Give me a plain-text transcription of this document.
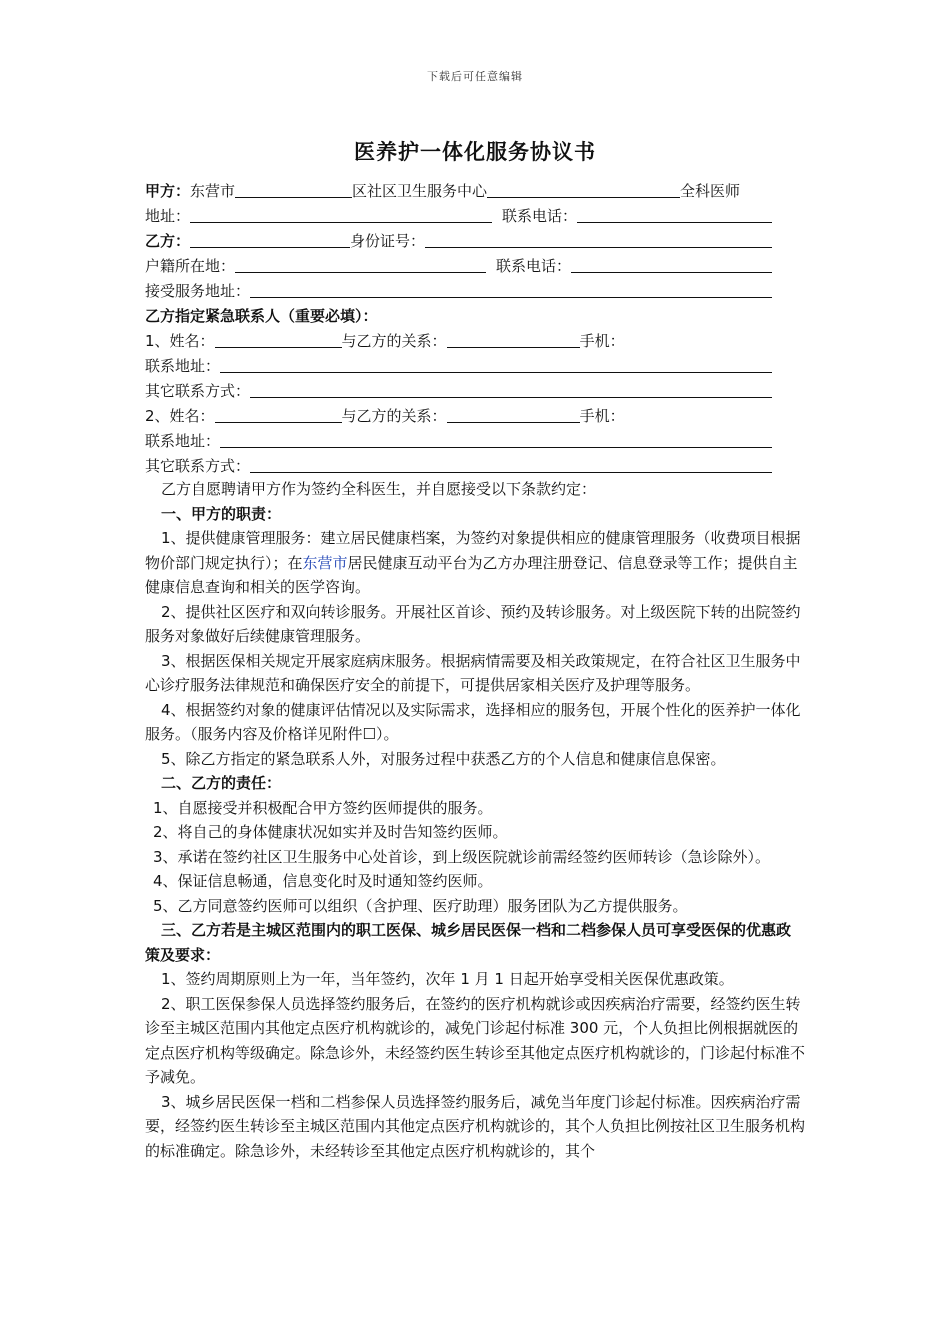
下载后可任意编辑
医养护一体化服务协议书
甲方： 东营市	区社区卫生服务中心	全科医师
地址：	联系电话：
乙方：	身份证号：
户籍所在地：	联系电话：
接受服务地址：
乙方指定紧急联系人（重要必填）：
1、姓名：	与乙方的关系：	手机：
联系地址：
其它联系方式：
2、姓名：	与乙方的关系：	手机：
联系地址：
其它联系方式：

乙方自愿聘请甲方作为签约全科医生，并自愿接受以下条款约定：

一、甲方的职责：

1、提供健康管理服务：建立居民健康档案，为签约对象提供相应的健康管理服务（收费项目根据物价部门规定执行）；在东营市居民健康互动平台为乙方办理注册登记、信息登录等工作；提供自主健康信息查询和相关的医学咨询。

2、提供社区医疗和双向转诊服务。开展社区首诊、预约及转诊服务。对上级医院下转的出院签约服务对象做好后续健康管理服务。

3、根据医保相关规定开展家庭病床服务。根据病情需要及相关政策规定，在符合社区卫生服务中心诊疗服务法律规范和确保医疗安全的前提下，可提供居家相关医疗及护理等服务。

4、根据签约对象的健康评估情况以及实际需求，选择相应的服务包，开展个性化的医养护一体化服务。（服务内容及价格详见附件☐）。

5、除乙方指定的紧急联系人外，对服务过程中获悉乙方的个人信息和健康信息保密。

二、乙方的责任：

1、自愿接受并积极配合甲方签约医师提供的服务。

2、将自己的身体健康状况如实并及时告知签约医师。

3、承诺在签约社区卫生服务中心处首诊，到上级医院就诊前需经签约医师转诊（急诊除外）。

4、保证信息畅通，信息变化时及时通知签约医师。

5、乙方同意签约医师可以组织（含护理、医疗助理）服务团队为乙方提供服务。

三、乙方若是主城区范围内的职工医保、城乡居民医保一档和二档参保人员可享受医保的优惠政策及要求：

1、签约周期原则上为一年，当年签约，次年 1 月 1 日起开始享受相关医保优惠政策。

2、职工医保参保人员选择签约服务后，在签约的医疗机构就诊或因疾病治疗需要，经签约医生转诊至主城区范围内其他定点医疗机构就诊的，减免门诊起付标准 300 元，个人负担比例根据就医的定点医疗机构等级确定。除急诊外，未经签约医生转诊至其他定点医疗机构就诊的，门诊起付标准不予减免。

3、城乡居民医保一档和二档参保人员选择签约服务后，减免当年度门诊起付标准。因疾病治疗需要，经签约医生转诊至主城区范围内其他定点医疗机构就诊的，其个人负担比例按社区卫生服务机构的标准确定。除急诊外，未经转诊至其他定点医疗机构就诊的，其个
